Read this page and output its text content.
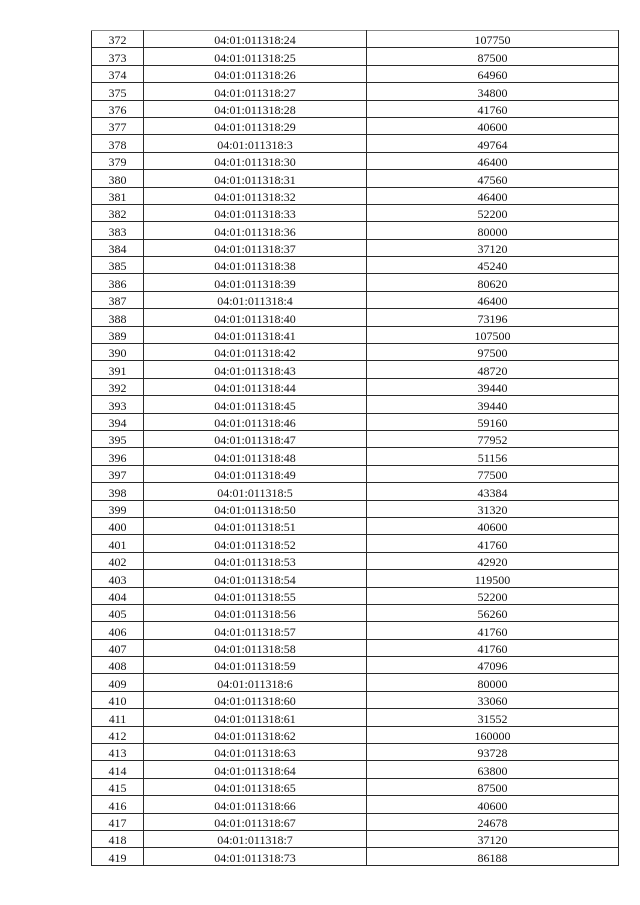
372	04:01:011318:24	107750
373	04:01:011318:25	87500
374	04:01:011318:26	64960
375	04:01:011318:27	34800
376	04:01:011318:28	41760
377	04:01:011318:29	40600
378	04:01:011318:3	49764
379	04:01:011318:30	46400
380	04:01:011318:31	47560
381	04:01:011318:32	46400
382	04:01:011318:33	52200
383	04:01:011318:36	80000
384	04:01:011318:37	37120
385	04:01:011318:38	45240
386	04:01:011318:39	80620
387	04:01:011318:4	46400
388	04:01:011318:40	73196
389	04:01:011318:41	107500
390	04:01:011318:42	97500
391	04:01:011318:43	48720
392	04:01:011318:44	39440
393	04:01:011318:45	39440
394	04:01:011318:46	59160
395	04:01:011318:47	77952
396	04:01:011318:48	51156
397	04:01:011318:49	77500
398	04:01:011318:5	43384
399	04:01:011318:50	31320
400	04:01:011318:51	40600
401	04:01:011318:52	41760
402	04:01:011318:53	42920
403	04:01:011318:54	119500
404	04:01:011318:55	52200
405	04:01:011318:56	56260
406	04:01:011318:57	41760
407	04:01:011318:58	41760
408	04:01:011318:59	47096
409	04:01:011318:6	80000
410	04:01:011318:60	33060
411	04:01:011318:61	31552
412	04:01:011318:62	160000
413	04:01:011318:63	93728
414	04:01:011318:64	63800
415	04:01:011318:65	87500
416	04:01:011318:66	40600
417	04:01:011318:67	24678
418	04:01:011318:7	37120
419	04:01:011318:73	86188
